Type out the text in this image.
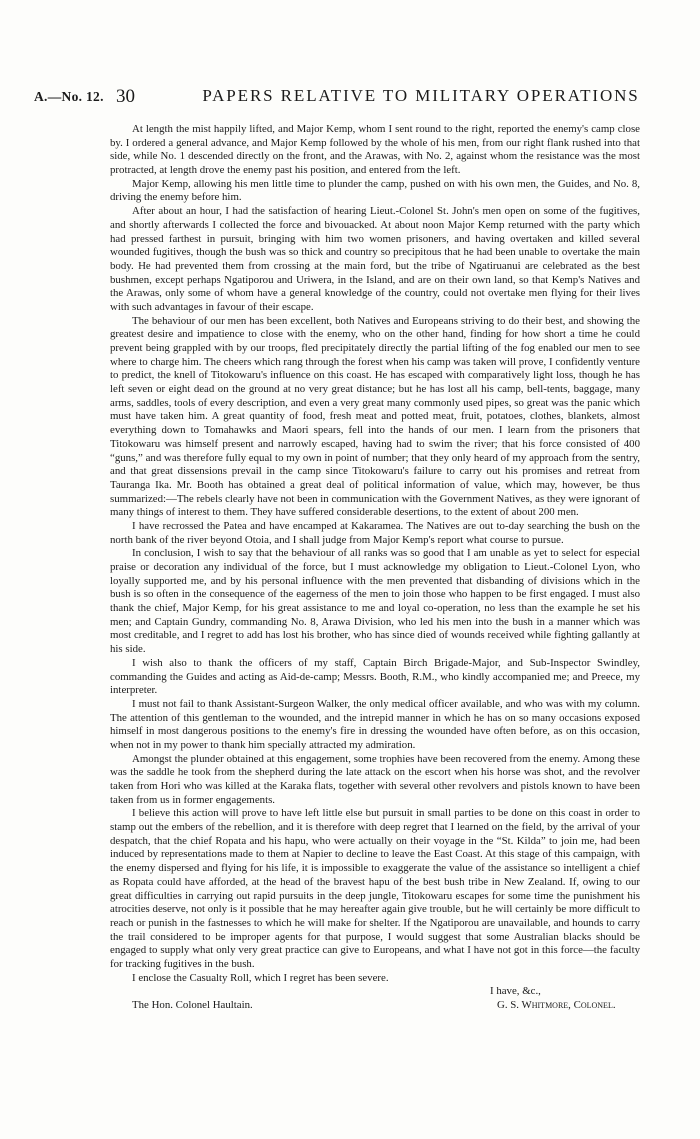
A.—No. 12. 30	PAPERS RELATIVE TO MILITARY OPERATIONS

At length the mist happily lifted, and Major Kemp, whom I sent round to the right, reported the enemy's camp close by. I ordered a general advance, and Major Kemp followed by the whole of his men, from our right flank rushed into that side, while No. 1 descended directly on the front, and the Arawas, with No. 2, against whom the resistance was the most protracted, at length drove the enemy past his position, and entered from the left.

Major Kemp, allowing his men little time to plunder the camp, pushed on with his own men, the Guides, and No. 8, driving the enemy before him.

After about an hour, I had the satisfaction of hearing Lieut.-Colonel St. John's men open on some of the fugitives, and shortly afterwards I collected the force and bivouacked. At about noon Major Kemp returned with the party which had pressed farthest in pursuit, bringing with him two women prisoners, and having overtaken and killed several wounded fugitives, though the bush was so thick and country so precipitous that he had been unable to overtake the main body. He had prevented them from crossing at the main ford, but the tribe of Ngatiruanui are celebrated as the best bushmen, except perhaps Ngatiporou and Uriwera, in the Island, and are on their own land, so that Kemp's Natives and the Arawas, only some of whom have a general knowledge of the country, could not overtake men flying for their lives with such advantages in favour of their escape.

The behaviour of our men has been excellent, both Natives and Europeans striving to do their best, and showing the greatest desire and impatience to close with the enemy, who on the other hand, finding for how short a time he could prevent being grappled with by our troops, fled precipitately directly the partial lifting of the fog enabled our men to see where to charge him. The cheers which rang through the forest when his camp was taken will prove, I confidently venture to predict, the knell of Titokowaru's influence on this coast. He has escaped with comparatively light loss, though he has left seven or eight dead on the ground at no very great distance; but he has lost all his camp, bell-tents, baggage, many arms, saddles, tools of every description, and even a very great many commonly used pipes, so great was the panic which must have taken him. A great quantity of food, fresh meat and potted meat, fruit, potatoes, clothes, blankets, almost everything down to Tomahawks and Maori spears, fell into the hands of our men. I learn from the prisoners that Titokowaru was himself present and narrowly escaped, having had to swim the river; that his force consisted of 400 “guns,” and was therefore fully equal to my own in point of number; that they only heard of my approach from the sentry, and that great dissensions prevail in the camp since Titokowaru's failure to carry out his promises and retreat from Tauranga Ika. Mr. Booth has obtained a great deal of political information of value, which may, however, be thus summarized:—The rebels clearly have not been in communication with the Government Natives, as they were ignorant of many things of interest to them. They have suffered considerable desertions, to the extent of about 200 men.

I have recrossed the Patea and have encamped at Kakaramea. The Natives are out to-day searching the bush on the north bank of the river beyond Otoia, and I shall judge from Major Kemp's report what course to pursue.

In conclusion, I wish to say that the behaviour of all ranks was so good that I am unable as yet to select for especial praise or decoration any individual of the force, but I must acknowledge my obligation to Lieut.-Colonel Lyon, who loyally supported me, and by his personal influence with the men prevented that disbanding of divisions which in the bush is so often in the consequence of the eagerness of the men to join those who happen to be first engaged. I must also thank the chief, Major Kemp, for his great assistance to me and loyal co-operation, no less than the example he set his men; and Captain Gundry, commanding No. 8, Arawa Division, who led his men into the bush in a manner which was most creditable, and I regret to add has lost his brother, who has since died of wounds received while fighting gallantly at his side.

I wish also to thank the officers of my staff, Captain Birch Brigade-Major, and Sub-Inspector Swindley, commanding the Guides and acting as Aid-de-camp; Messrs. Booth, R.M., who kindly accompanied me; and Preece, my interpreter.

I must not fail to thank Assistant-Surgeon Walker, the only medical officer available, and who was with my column. The attention of this gentleman to the wounded, and the intrepid manner in which he has on so many occasions exposed himself in most dangerous positions to the enemy's fire in dressing the wounded have often before, as on this occasion, when not in my power to thank him specially attracted my admiration.

Amongst the plunder obtained at this engagement, some trophies have been recovered from the enemy. Among these was the saddle he took from the shepherd during the late attack on the escort when his horse was shot, and the revolver taken from Hori who was killed at the Karaka flats, together with several other revolvers and pistols known to have been taken from us in former engagements.

I believe this action will prove to have left little else but pursuit in small parties to be done on this coast in order to stamp out the embers of the rebellion, and it is therefore with deep regret that I learned on the field, by the arrival of your despatch, that the chief Ropata and his hapu, who were actually on their voyage in the “St. Kilda” to join me, had been induced by representations made to them at Napier to decline to leave the East Coast. At this stage of this campaign, with the enemy dispersed and flying for his life, it is impossible to exaggerate the value of the assistance so intelligent a chief as Ropata could have afforded, at the head of the bravest hapu of the best bush tribe in New Zealand. If, owing to our great difficulties in carrying out rapid pursuits in the deep jungle, Titokowaru escapes for some time the punishment his atrocities deserve, not only is it possible that he may hereafter again give trouble, but he will certainly be more difficult to reach or punish in the fastnesses to which he will make for shelter. If the Ngatiporou are unavailable, and hounds to carry the trail considered to be improper agents for that purpose, I would suggest that some Australian blacks should be engaged to supply what only very great practice can give to Europeans, and what I have not got in this force—the faculty for tracking fugitives in the bush.

I enclose the Casualty Roll, which I regret has been severe.

I have, &c.,
The Hon. Colonel Haultain.	G. S. Whitmore, Colonel.
